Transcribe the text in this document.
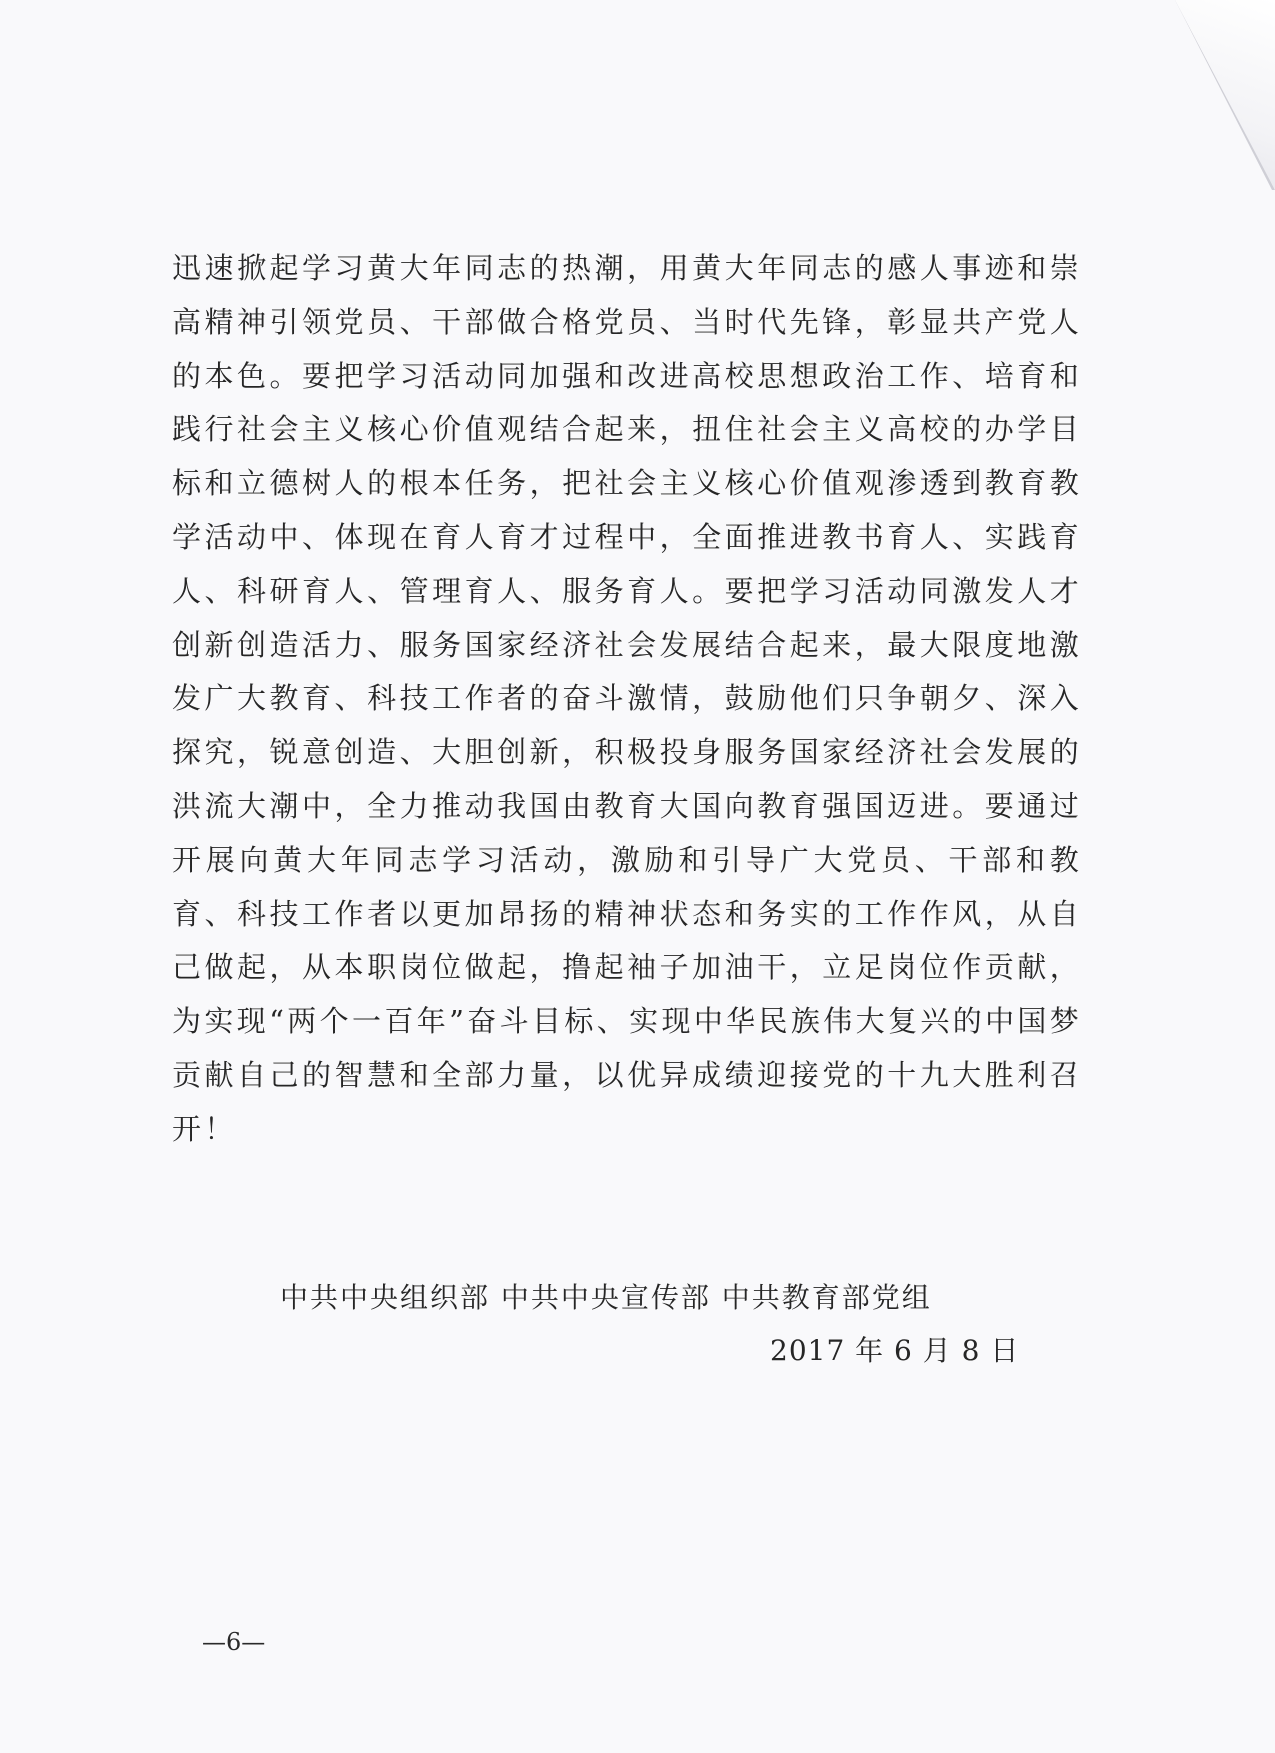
迅速掀起学习黄大年同志的热潮，用黄大年同志的感人事迹和崇高精神引领党员、干部做合格党员、当时代先锋，彰显共产党人的本色。要把学习活动同加强和改进高校思想政治工作、培育和践行社会主义核心价值观结合起来，扭住社会主义高校的办学目标和立德树人的根本任务，把社会主义核心价值观渗透到教育教学活动中、体现在育人育才过程中，全面推进教书育人、实践育人、科研育人、管理育人、服务育人。要把学习活动同激发人才创新创造活力、服务国家经济社会发展结合起来，最大限度地激发广大教育、科技工作者的奋斗激情，鼓励他们只争朝夕、深入探究，锐意创造、大胆创新，积极投身服务国家经济社会发展的洪流大潮中，全力推动我国由教育大国向教育强国迈进。要通过开展向黄大年同志学习活动，激励和引导广大党员、干部和教育、科技工作者以更加昂扬的精神状态和务实的工作作风，从自己做起，从本职岗位做起，撸起袖子加油干，立足岗位作贡献，为实现“两个一百年”奋斗目标、实现中华民族伟大复兴的中国梦贡献自己的智慧和全部力量，以优异成绩迎接党的十九大胜利召开！
中共中央组织部 中共中央宣传部 中共教育部党组
2017 年 6 月 8 日
—6—
